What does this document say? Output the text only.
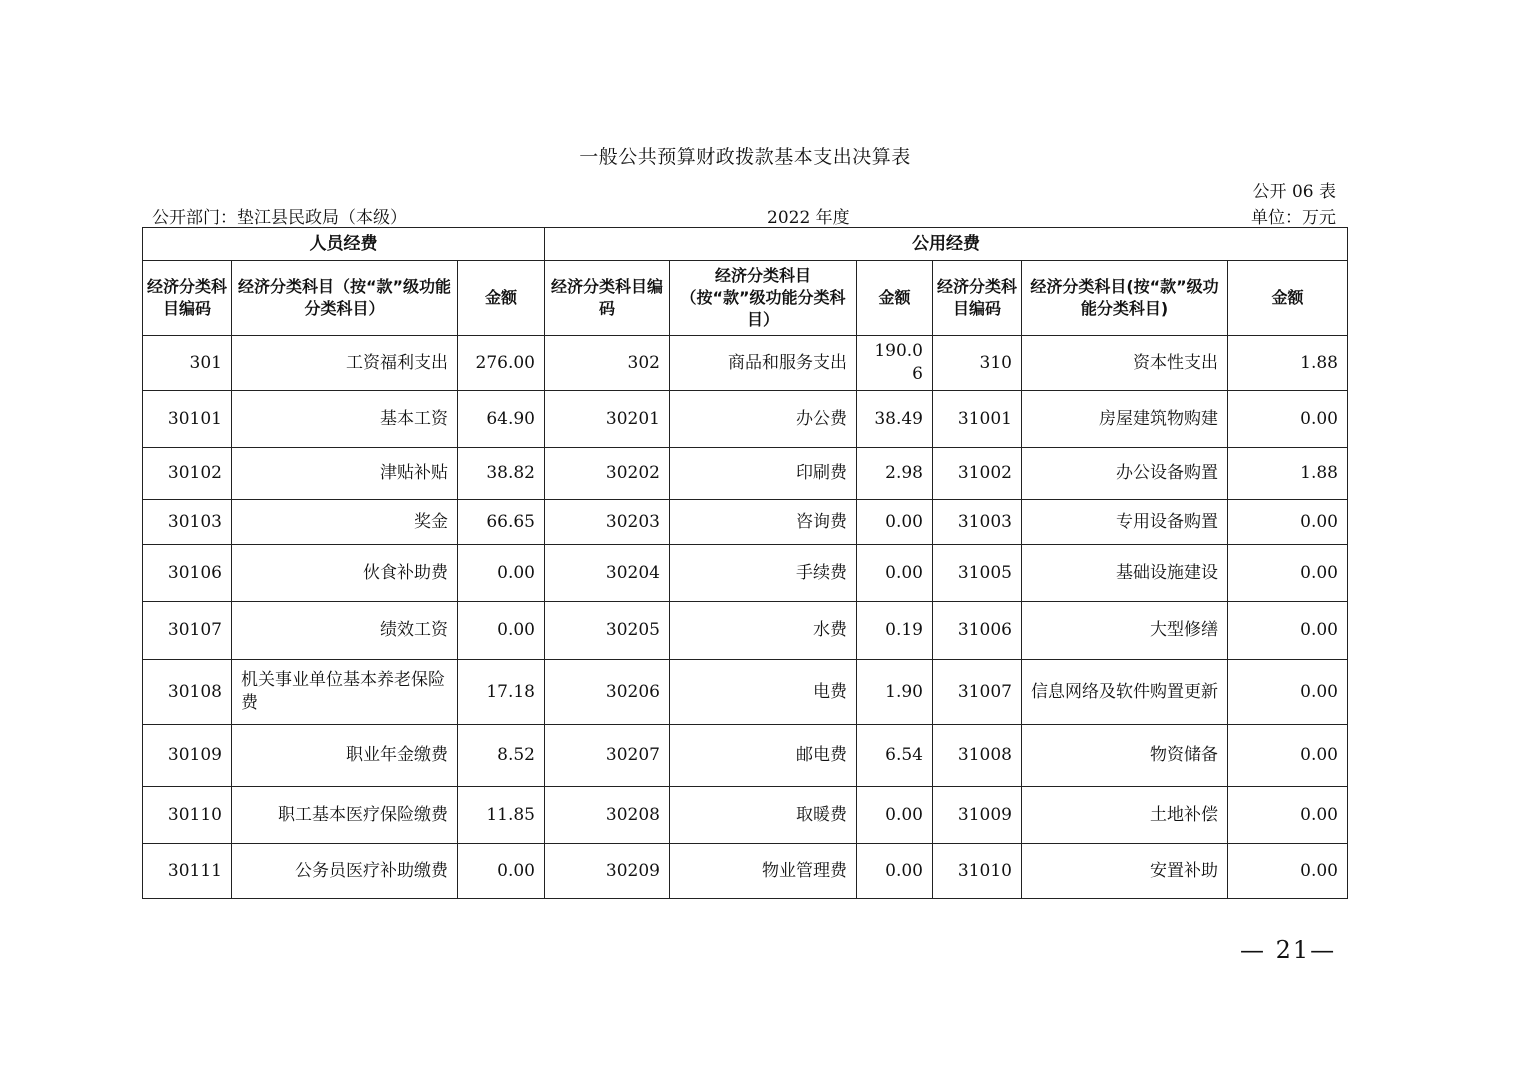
一般公共预算财政拨款基本支出决算表
公开 06 表
公开部门：垫江县民政局（本级）	2022 年度	单位：万元
人员经费			公用经费					
经济分类科目编码	经济分类科目（按“款”级功能分类科目）	金额	经济分类科目编码	经济分类科目（按“款”级功能分类科目）	金额	经济分类科目编码	经济分类科目(按“款”级功能分类科目)	金额
301	工资福利支出	276.00	302	商品和服务支出	190.06	310	资本性支出	1.88
30101	基本工资	64.90	30201	办公费	38.49	31001	房屋建筑物购建	0.00
30102	津贴补贴	38.82	30202	印刷费	2.98	31002	办公设备购置	1.88
30103	奖金	66.65	30203	咨询费	0.00	31003	专用设备购置	0.00
30106	伙食补助费	0.00	30204	手续费	0.00	31005	基础设施建设	0.00
30107	绩效工资	0.00	30205	水费	0.19	31006	大型修缮	0.00
30108	机关事业单位基本养老保险费	17.18	30206	电费	1.90	31007	信息网络及软件购置更新	0.00
30109	职业年金缴费	8.52	30207	邮电费	6.54	31008	物资储备	0.00
30110	职工基本医疗保险缴费	11.85	30208	取暖费	0.00	31009	土地补偿	0.00
30111	公务员医疗补助缴费	0.00	30209	物业管理费	0.00	31010	安置补助	0.00
— 21—
